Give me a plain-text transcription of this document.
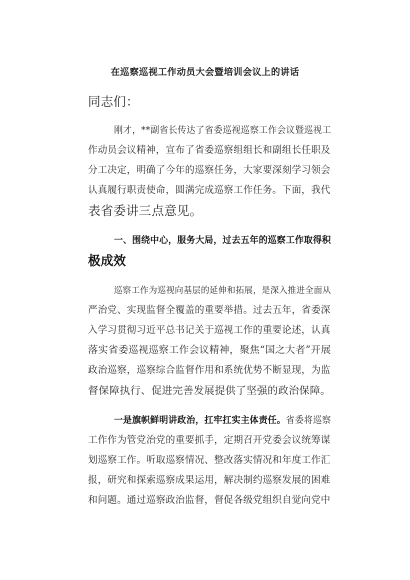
在巡察巡视工作动员大会暨培训会议上的讲话
同志们：
刚才，**副省长传达了省委巡视巡察工作会议暨巡视工
作动员会议精神，宣布了省委巡察组组长和副组长任职及
分工决定，明确了今年的巡察任务，大家要深刻学习领会
认真履行职责使命，圆满完成巡察工作任务。下面，我代
表省委讲三点意见。
一、围绕中心，服务大局，过去五年的巡察工作取得积
极成效
巡察工作为巡视向基层的延伸和拓展，是深入推进全面从
严治党、实现监督全覆盖的重要举措。过去五年，省委深
入学习贯彻习近平总书记关于巡视工作的重要论述，认真
落实省委巡视巡察工作会议精神，聚焦“国之大者”开展
政治巡察，巡察综合监督作用和系统优势不断显现，为监
督保障执行、促进完善发展提供了坚强的政治保障。
一是旗帜鲜明讲政治，扛牢扛实主体责任。省委将巡察
工作作为管党治党的重要抓手，定期召开党委会议统筹谋
划巡察工作。听取巡察情况、整改落实情况和年度工作汇
报，研究和探索巡察成果运用，解决制约巡察发展的困难
和问题。通过巡察政治监督，督促各级党组织自觉向党中
